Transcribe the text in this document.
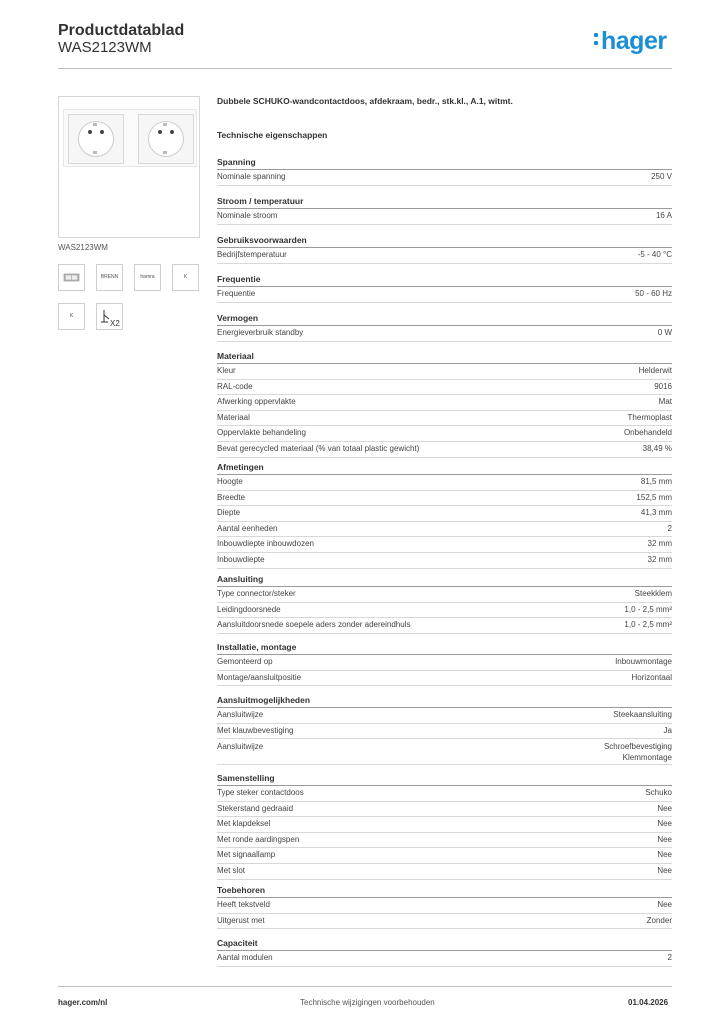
Productdatablad
WAS2123WM	hager
WAS2123WM
BRENN	hamra	K
K
X2
Dubbele SCHUKO-wandcontactdoos, afdekraam, bedr., stk.kl., A.1, witmt.
Technische eigenschappen
Spanning
Nominale spanning	250 V
Stroom / temperatuur
Nominale stroom	16 A
Gebruiksvoorwaarden
Bedrijfstemperatuur	-5 - 40 °C
Frequentie
Frequentie	50 - 60 Hz
Vermogen
Energieverbruik standby	0 W
Materiaal
Kleur	Helderwit
RAL-code	9016
Afwerking oppervlakte	Mat
Materiaal	Thermoplast
Oppervlakte behandeling	Onbehandeld
Bevat gerecycled materiaal (% van totaal plastic gewicht)	38,49 %
Afmetingen
Hoogte	81,5 mm
Breedte	152,5 mm
Diepte	41,3 mm
Aantal eenheden	2
Inbouwdiepte inbouwdozen	32 mm
Inbouwdiepte	32 mm
Aansluiting
Type connector/steker	Steekklem
Leidingdoorsnede	1,0 - 2,5 mm²
Aansluitdoorsnede soepele aders zonder adereindhuls	1,0 - 2,5 mm²
Installatie, montage
Gemonteerd op	Inbouwmontage
Montage/aansluitpositie	Horizontaal
Aansluitmogelijkheden
Aansluitwijze	Steekaansluiting
Met klauwbevestiging	Ja
Aansluitwijze	Schroefbevestiging
Klemmontage
Samenstelling
Type steker contactdoos	Schuko
Stekerstand gedraaid	Nee
Met klapdeksel	Nee
Met ronde aardingspen	Nee
Met signaallamp	Nee
Met slot	Nee
Toebehoren
Heeft tekstveld	Nee
Uitgerust met	Zonder
Capaciteit
Aantal modulen	2
hager.com/nl	Technische wijzigingen voorbehouden	01.04.2026
